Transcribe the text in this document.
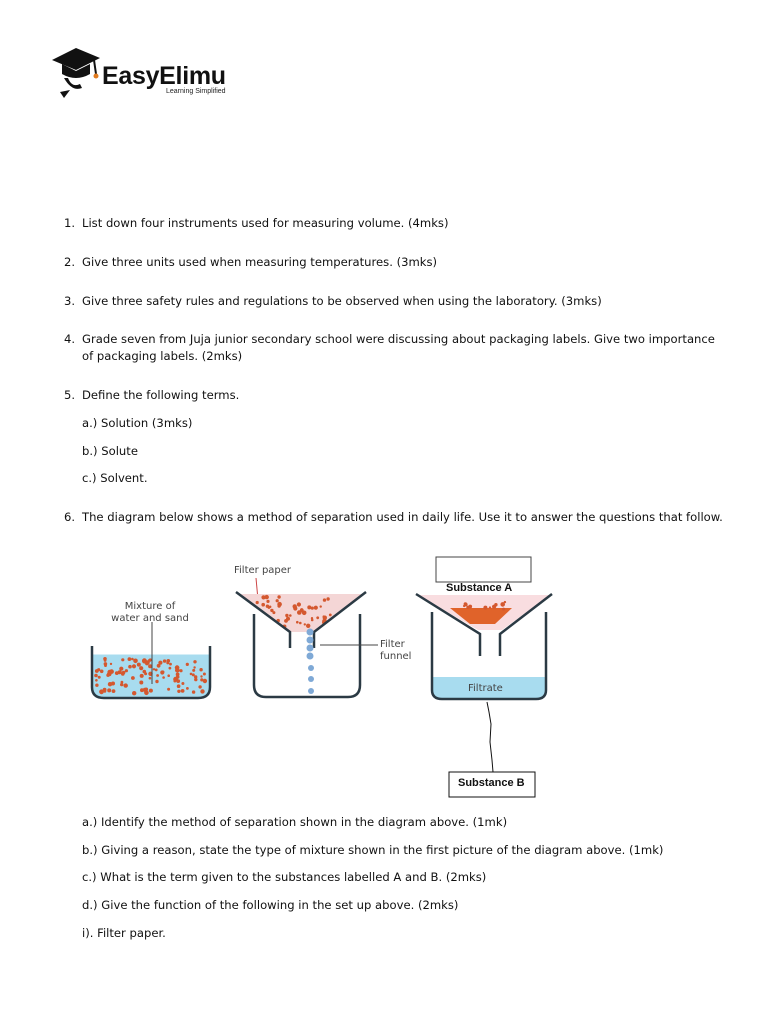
EasyElimu
Learning Simplified
1. List down four instruments used for measuring volume. (4mks)
2. Give three units used when measuring temperatures. (3mks)
3. Give three safety rules and regulations to be observed when using the laboratory. (3mks)
4. Grade seven from Juja junior secondary school were discussing about packaging labels. Give two importance of packaging labels. (2mks)
5. Define the following terms.
a.) Solution (3mks)
b.) Solute
c.) Solvent.
6. The diagram below shows a method of separation used in daily life. Use it to answer the questions that follow.
Mixture of
water and sand
Filter paper
Filter
funnel
Substance A
Filtrate
Substance B
a.) Identify the method of separation shown in the diagram above. (1mk)
b.) Giving a reason, state the type of mixture shown in the first picture of the diagram above. (1mk)
c.) What is the term given to the substances labelled A and B. (2mks)
d.) Give the function of the following in the set up above. (2mks)
i). Filter paper.
